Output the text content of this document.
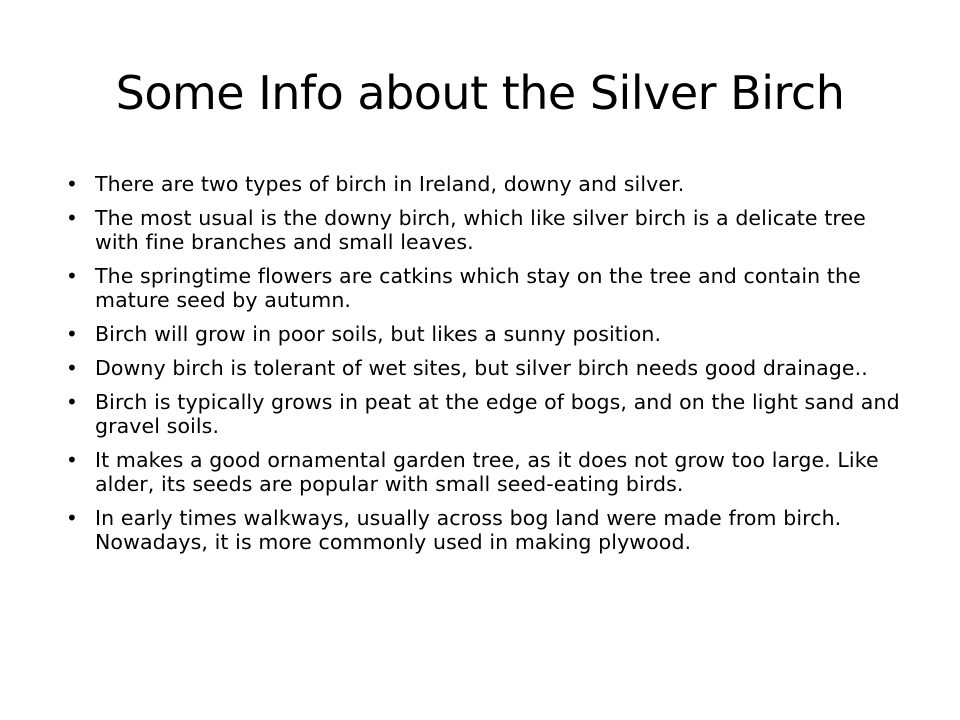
Some Info about the Silver Birch
• There are two types of birch in Ireland, downy and silver.
• The most usual is the downy birch, which like silver birch is a delicate tree with fine branches and small leaves.
• The springtime flowers are catkins which stay on the tree and contain the mature seed by autumn.
• Birch will grow in poor soils, but likes a sunny position.
• Downy birch is tolerant of wet sites, but silver birch needs good drainage..
• Birch is typically grows in peat at the edge of bogs, and on the light sand and gravel soils.
• It makes a good ornamental garden tree, as it does not grow too large. Like alder, its seeds are popular with small seed-eating birds.
• In early times walkways, usually across bog land were made from birch. Nowadays, it is more commonly used in making plywood.
